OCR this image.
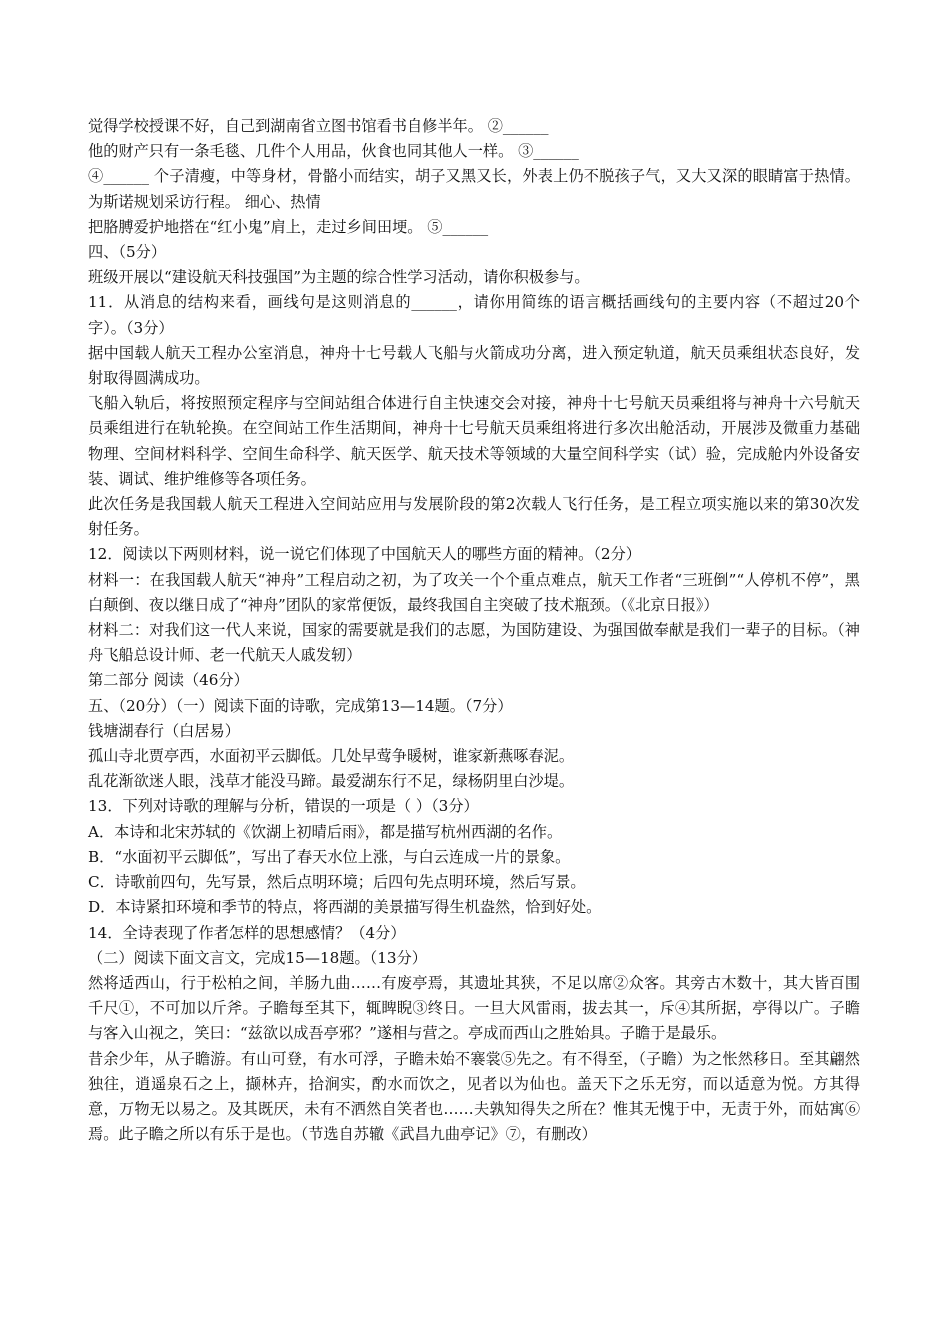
觉得学校授课不好，自己到湖南省立图书馆看书自修半年。 ②______

他的财产只有一条毛毯、几件个人用品，伙食也同其他人一样。 ③______

④______ 个子清瘦，中等身材，骨骼小而结实，胡子又黑又长，外表上仍不脱孩子气，又大又深的眼睛富于热情。 为斯诺规划采访行程。 细心、热情

把胳膊爱护地搭在“红小鬼”肩上，走过乡间田埂。 ⑤______

四、（5分）

班级开展以“建设航天科技强国”为主题的综合性学习活动，请你积极参与。

11．从消息的结构来看，画线句是这则消息的______，请你用简练的语言概括画线句的主要内容（不超过20个字）。（3分）

据中国载人航天工程办公室消息，神舟十七号载人飞船与火箭成功分离，进入预定轨道，航天员乘组状态良好，发射取得圆满成功。

飞船入轨后，将按照预定程序与空间站组合体进行自主快速交会对接，神舟十七号航天员乘组将与神舟十六号航天员乘组进行在轨轮换。在空间站工作生活期间，神舟十七号航天员乘组将进行多次出舱活动，开展涉及微重力基础物理、空间材料科学、空间生命科学、航天医学、航天技术等领域的大量空间科学实（试）验，完成舱内外设备安装、调试、维护维修等各项任务。

此次任务是我国载人航天工程进入空间站应用与发展阶段的第2次载人飞行任务，是工程立项实施以来的第30次发射任务。

12．阅读以下两则材料，说一说它们体现了中国航天人的哪些方面的精神。（2分）

材料一：在我国载人航天“神舟”工程启动之初，为了攻关一个个重点难点，航天工作者“三班倒”“人停机不停”，黑白颠倒、夜以继日成了“神舟”团队的家常便饭，最终我国自主突破了技术瓶颈。（《北京日报》）

材料二：对我们这一代人来说，国家的需要就是我们的志愿，为国防建设、为强国做奉献是我们一辈子的目标。（神舟飞船总设计师、老一代航天人戚发轫）

第二部分 阅读（46分）

五、（20分）（一）阅读下面的诗歌，完成第13—14题。（7分）

钱塘湖春行（白居易）

孤山寺北贾亭西，水面初平云脚低。几处早莺争暖树，谁家新燕啄春泥。

乱花渐欲迷人眼，浅草才能没马蹄。最爱湖东行不足，绿杨阴里白沙堤。

13．下列对诗歌的理解与分析，错误的一项是（ ）（3分）

A．本诗和北宋苏轼的《饮湖上初晴后雨》，都是描写杭州西湖的名作。

B．“水面初平云脚低”，写出了春天水位上涨，与白云连成一片的景象。

C．诗歌前四句，先写景，然后点明环境；后四句先点明环境，然后写景。

D．本诗紧扣环境和季节的特点，将西湖的美景描写得生机盎然，恰到好处。

14．全诗表现了作者怎样的思想感情？（4分）

（二）阅读下面文言文，完成15—18题。（13分）

然将适西山，行于松柏之间，羊肠九曲……有废亭焉，其遗址其狭，不足以席②众客。其旁古木数十，其大皆百围千尺①，不可加以斤斧。子瞻每至其下，辄睥睨③终日。一旦大风雷雨，拔去其一，斥④其所据，亭得以广。子瞻与客入山视之，笑曰：“兹欲以成吾亭邪？”遂相与营之。亭成而西山之胜始具。子瞻于是最乐。

昔余少年，从子瞻游。有山可登，有水可浮，子瞻未始不褰裳⑤先之。有不得至，（子瞻）为之怅然移日。至其翩然独往，逍遥泉石之上，撷林卉，拾涧实，酌水而饮之，见者以为仙也。盖天下之乐无穷，而以适意为悦。方其得意，万物无以易之。及其既厌，未有不洒然自笑者也……夫孰知得失之所在？惟其无愧于中，无责于外，而姑寓⑥焉。此子瞻之所以有乐于是也。（节选自苏辙《武昌九曲亭记》⑦，有删改）
